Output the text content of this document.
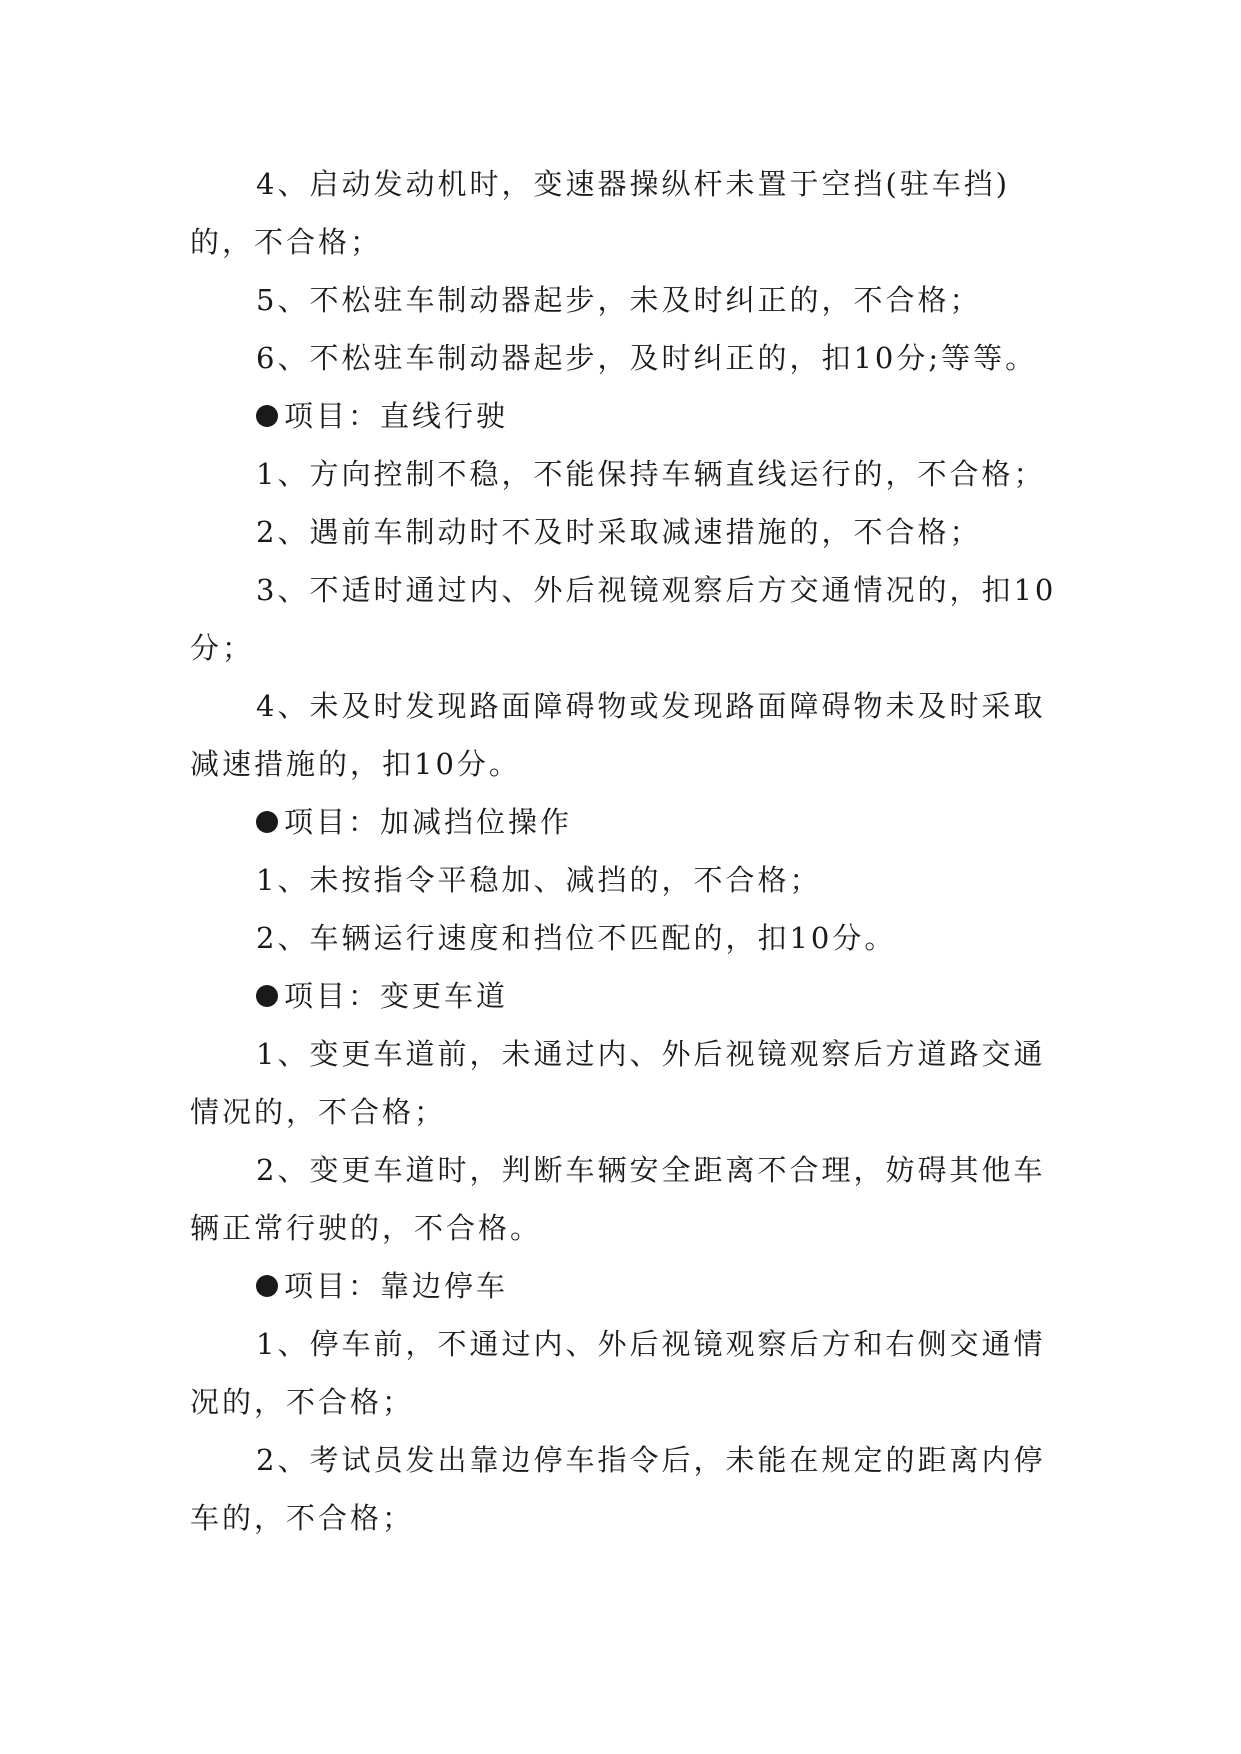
4、启动发动机时，变速器操纵杆未置于空挡(驻车挡)的，不合格；

5、不松驻车制动器起步，未及时纠正的，不合格；

6、不松驻车制动器起步，及时纠正的，扣10分;等等。

项目：直线行驶

1、方向控制不稳，不能保持车辆直线运行的，不合格；

2、遇前车制动时不及时采取减速措施的，不合格；

3、不适时通过内、外后视镜观察后方交通情况的，扣10分；

4、未及时发现路面障碍物或发现路面障碍物未及时采取减速措施的，扣10分。

项目：加减挡位操作

1、未按指令平稳加、减挡的，不合格；

2、车辆运行速度和挡位不匹配的，扣10分。

项目：变更车道

1、变更车道前，未通过内、外后视镜观察后方道路交通情况的，不合格；

2、变更车道时，判断车辆安全距离不合理，妨碍其他车辆正常行驶的，不合格。

项目：靠边停车

1、停车前，不通过内、外后视镜观察后方和右侧交通情况的，不合格；

2、考试员发出靠边停车指令后，未能在规定的距离内停车的，不合格；
